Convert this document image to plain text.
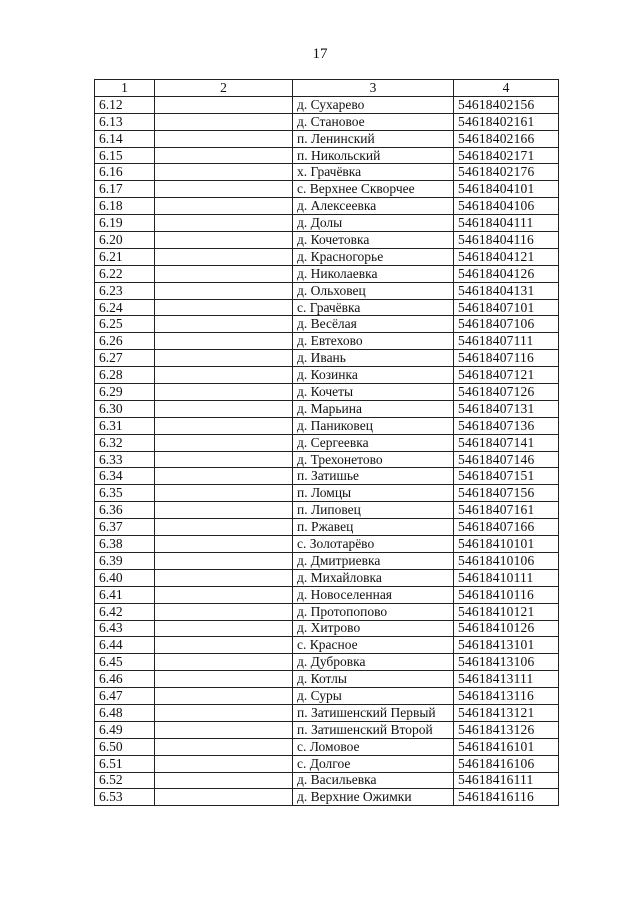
17
1	2	3	4
6.12		д. Сухарево	54618402156
6.13		д. Становое	54618402161
6.14		п. Ленинский	54618402166
6.15		п. Никольский	54618402171
6.16		х. Грачёвка	54618402176
6.17		с. Верхнее Скворчее	54618404101
6.18		д. Алексеевка	54618404106
6.19		д. Долы	54618404111
6.20		д. Кочетовка	54618404116
6.21		д. Красногорье	54618404121
6.22		д. Николаевка	54618404126
6.23		д. Ольховец	54618404131
6.24		с. Грачёвка	54618407101
6.25		д. Весёлая	54618407106
6.26		д. Евтехово	54618407111
6.27		д. Ивань	54618407116
6.28		д. Козинка	54618407121
6.29		д. Кочеты	54618407126
6.30		д. Марьина	54618407131
6.31		д. Паниковец	54618407136
6.32		д. Сергеевка	54618407141
6.33		д. Трехонетово	54618407146
6.34		п. Затишье	54618407151
6.35		п. Ломцы	54618407156
6.36		п. Липовец	54618407161
6.37		п. Ржавец	54618407166
6.38		с. Золотарёво	54618410101
6.39		д. Дмитриевка	54618410106
6.40		д. Михайловка	54618410111
6.41		д. Новоселенная	54618410116
6.42		д. Протопопово	54618410121
6.43		д. Хитрово	54618410126
6.44		с. Красное	54618413101
6.45		д. Дубровка	54618413106
6.46		д. Котлы	54618413111
6.47		д. Суры	54618413116
6.48		п. Затишенский Первый	54618413121
6.49		п. Затишенский Второй	54618413126
6.50		с. Ломовое	54618416101
6.51		с. Долгое	54618416106
6.52		д. Васильевка	54618416111
6.53		д. Верхние Ожимки	54618416116
